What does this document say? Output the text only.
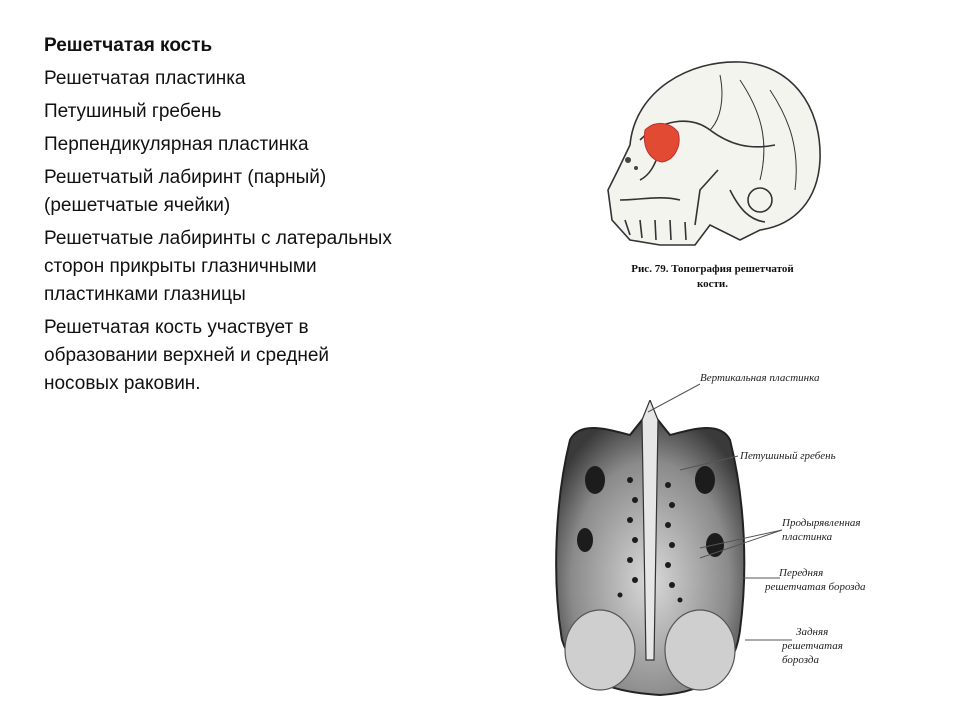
Решетчатая кость

Решетчатая пластинка

Петушиный гребень

Перпендикулярная пластинка

Решетчатый лабиринт (парный) (решетчатые ячейки)

Решетчатые лабиринты с латеральных сторон прикрыты глазничными пластинками глазницы

Решетчатая кость участвует в образовании верхней и средней носовых раковин.

Рис. 79. Топография решетчатой
кости.
Вертикальная пластинка
Петушиный гребень
Продырявленная
пластинка
Передняя
решетчатая борозда
Задняя
решетчатая
борозда
